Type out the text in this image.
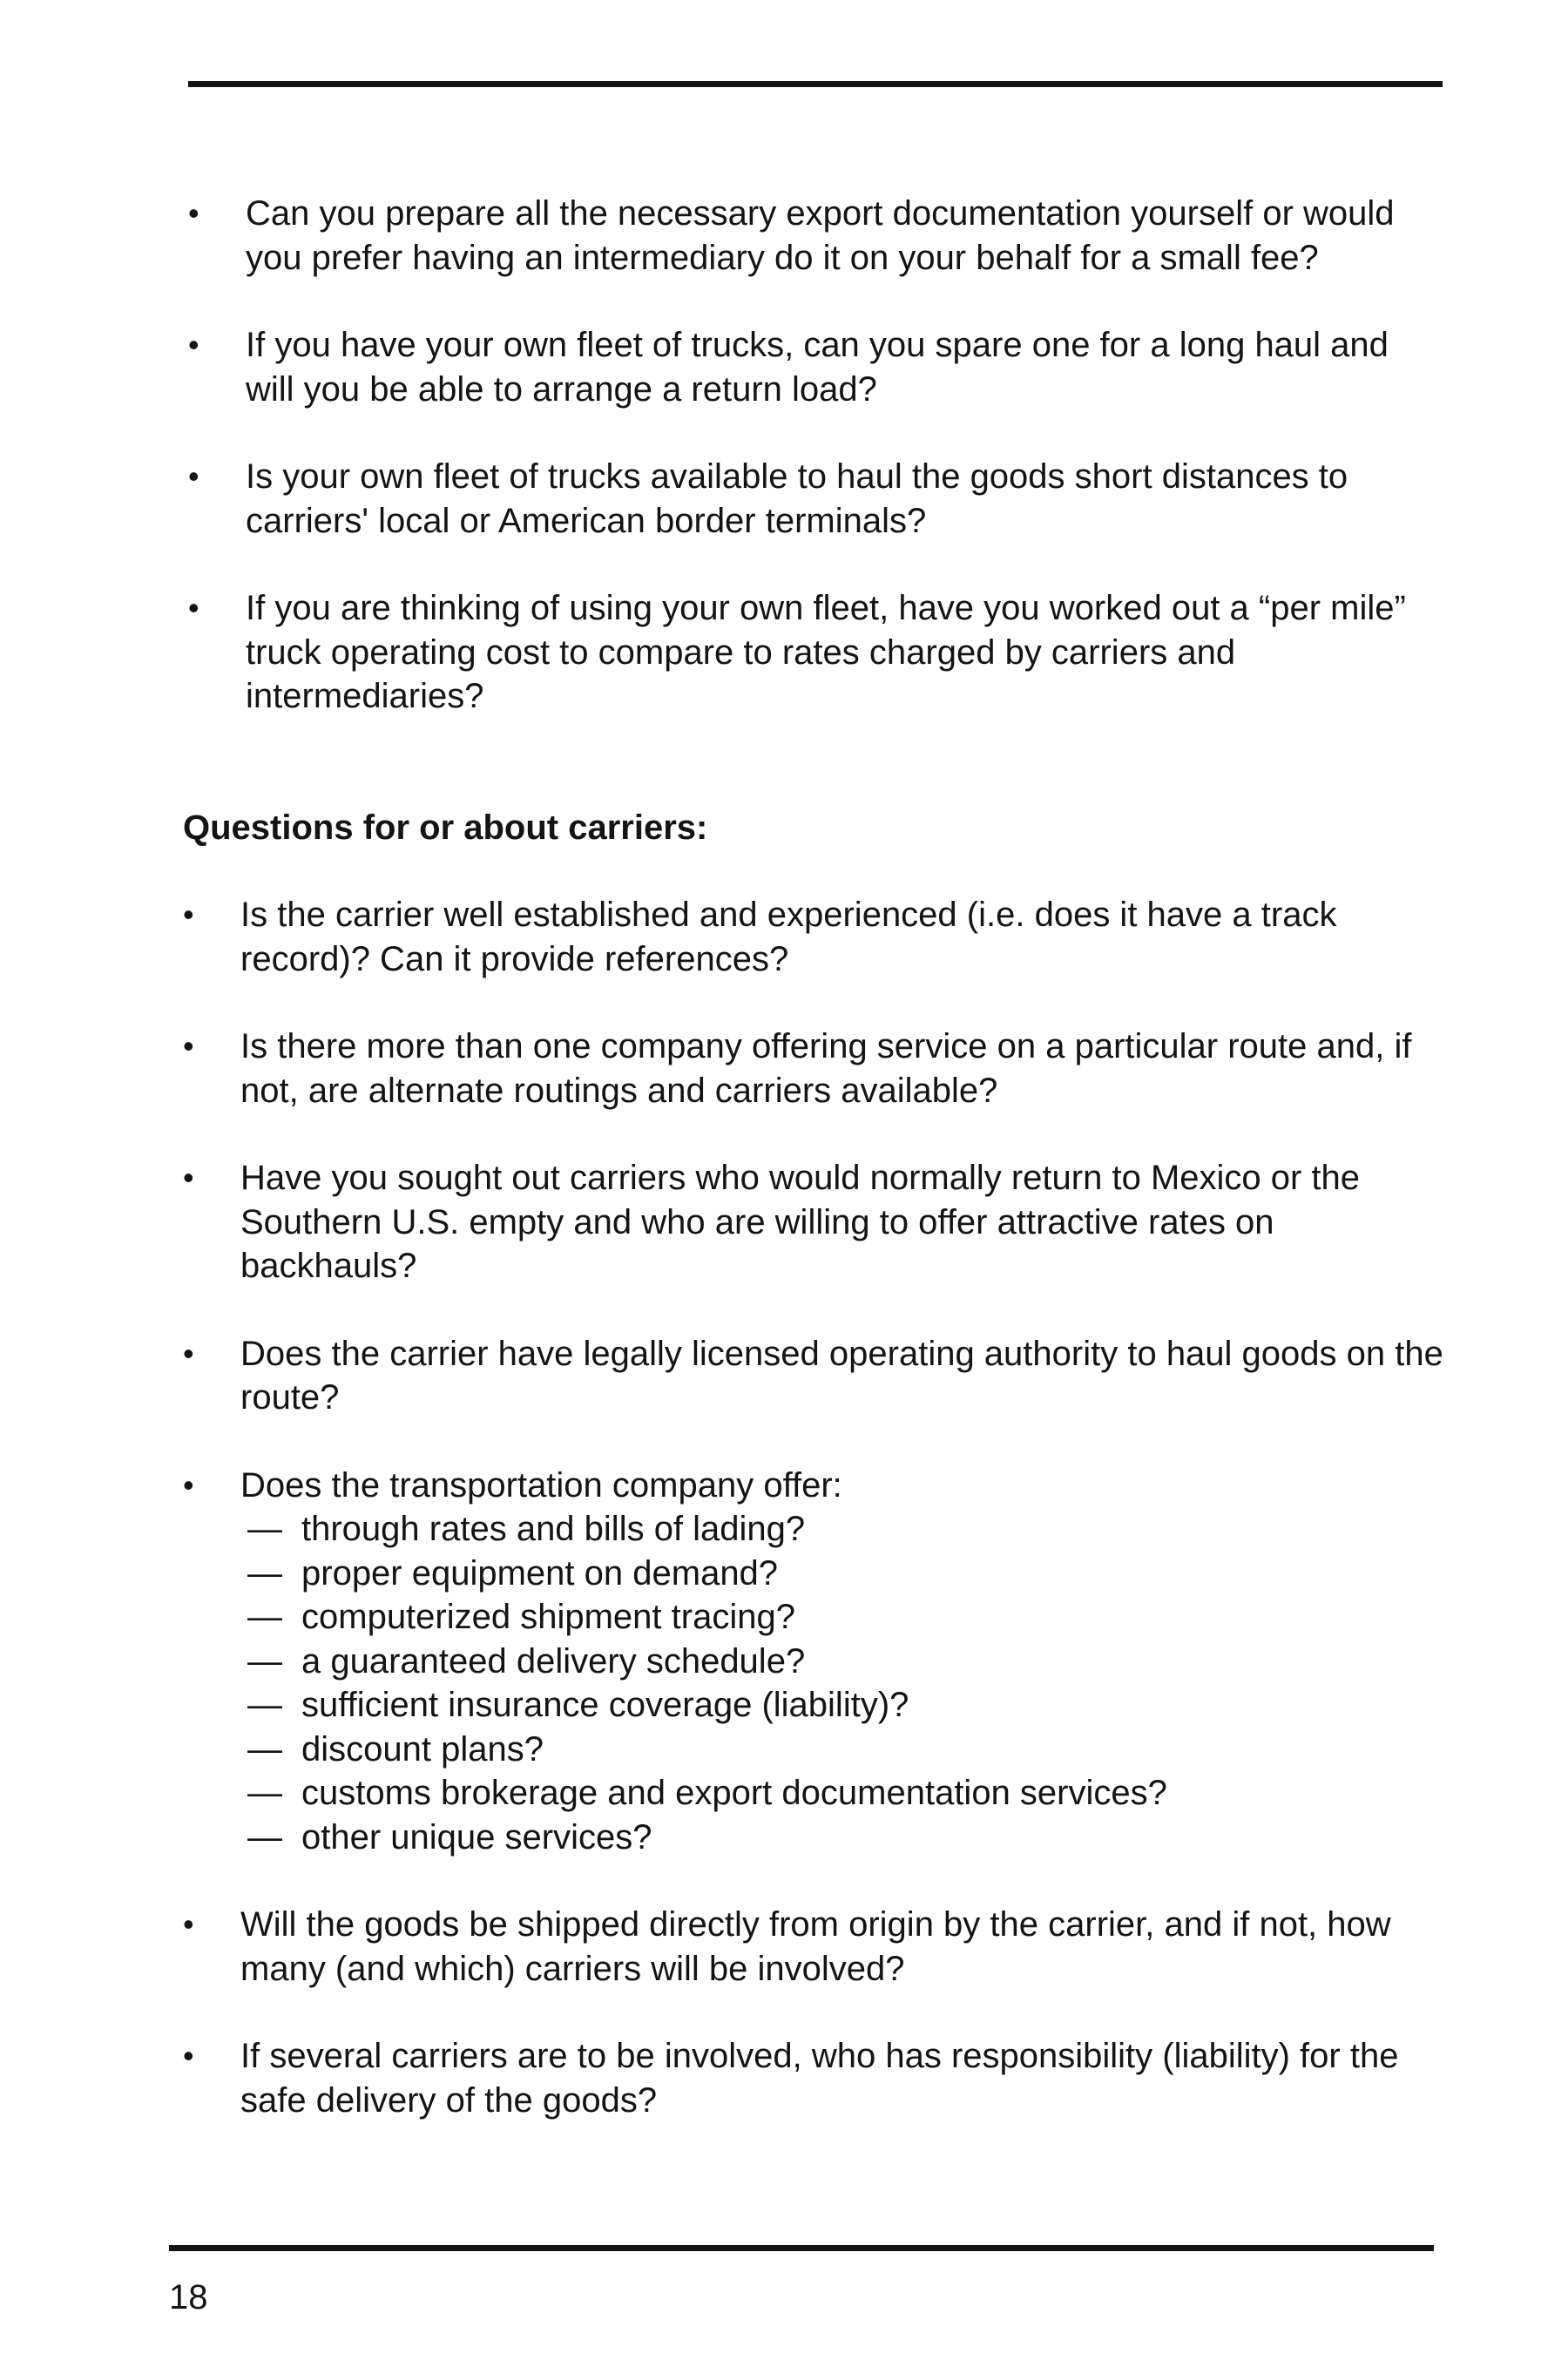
• Can you prepare all the necessary export documentation yourself or would you prefer having an intermediary do it on your behalf for a small fee?
• If you have your own fleet of trucks, can you spare one for a long haul and will you be able to arrange a return load?
• Is your own fleet of trucks available to haul the goods short distances to carriers' local or American border terminals?
• If you are thinking of using your own fleet, have you worked out a “per mile” truck operating cost to compare to rates charged by carriers and intermediaries?
Questions for or about carriers:
• Is the carrier well established and experienced (i.e. does it have a track record)? Can it provide references?
• Is there more than one company offering service on a particular route and, if not, are alternate routings and carriers available?
• Have you sought out carriers who would normally return to Mexico or the Southern U.S. empty and who are willing to offer attractive rates on backhauls?
• Does the carrier have legally licensed operating authority to haul goods on the route?
• Does the transportation company offer:
— through rates and bills of lading?
— proper equipment on demand?
— computerized shipment tracing?
— a guaranteed delivery schedule?
— sufficient insurance coverage (liability)?
— discount plans?
— customs brokerage and export documentation services?
— other unique services?
• Will the goods be shipped directly from origin by the carrier, and if not, how many (and which) carriers will be involved?
• If several carriers are to be involved, who has responsibility (liability) for the safe delivery of the goods?
18
